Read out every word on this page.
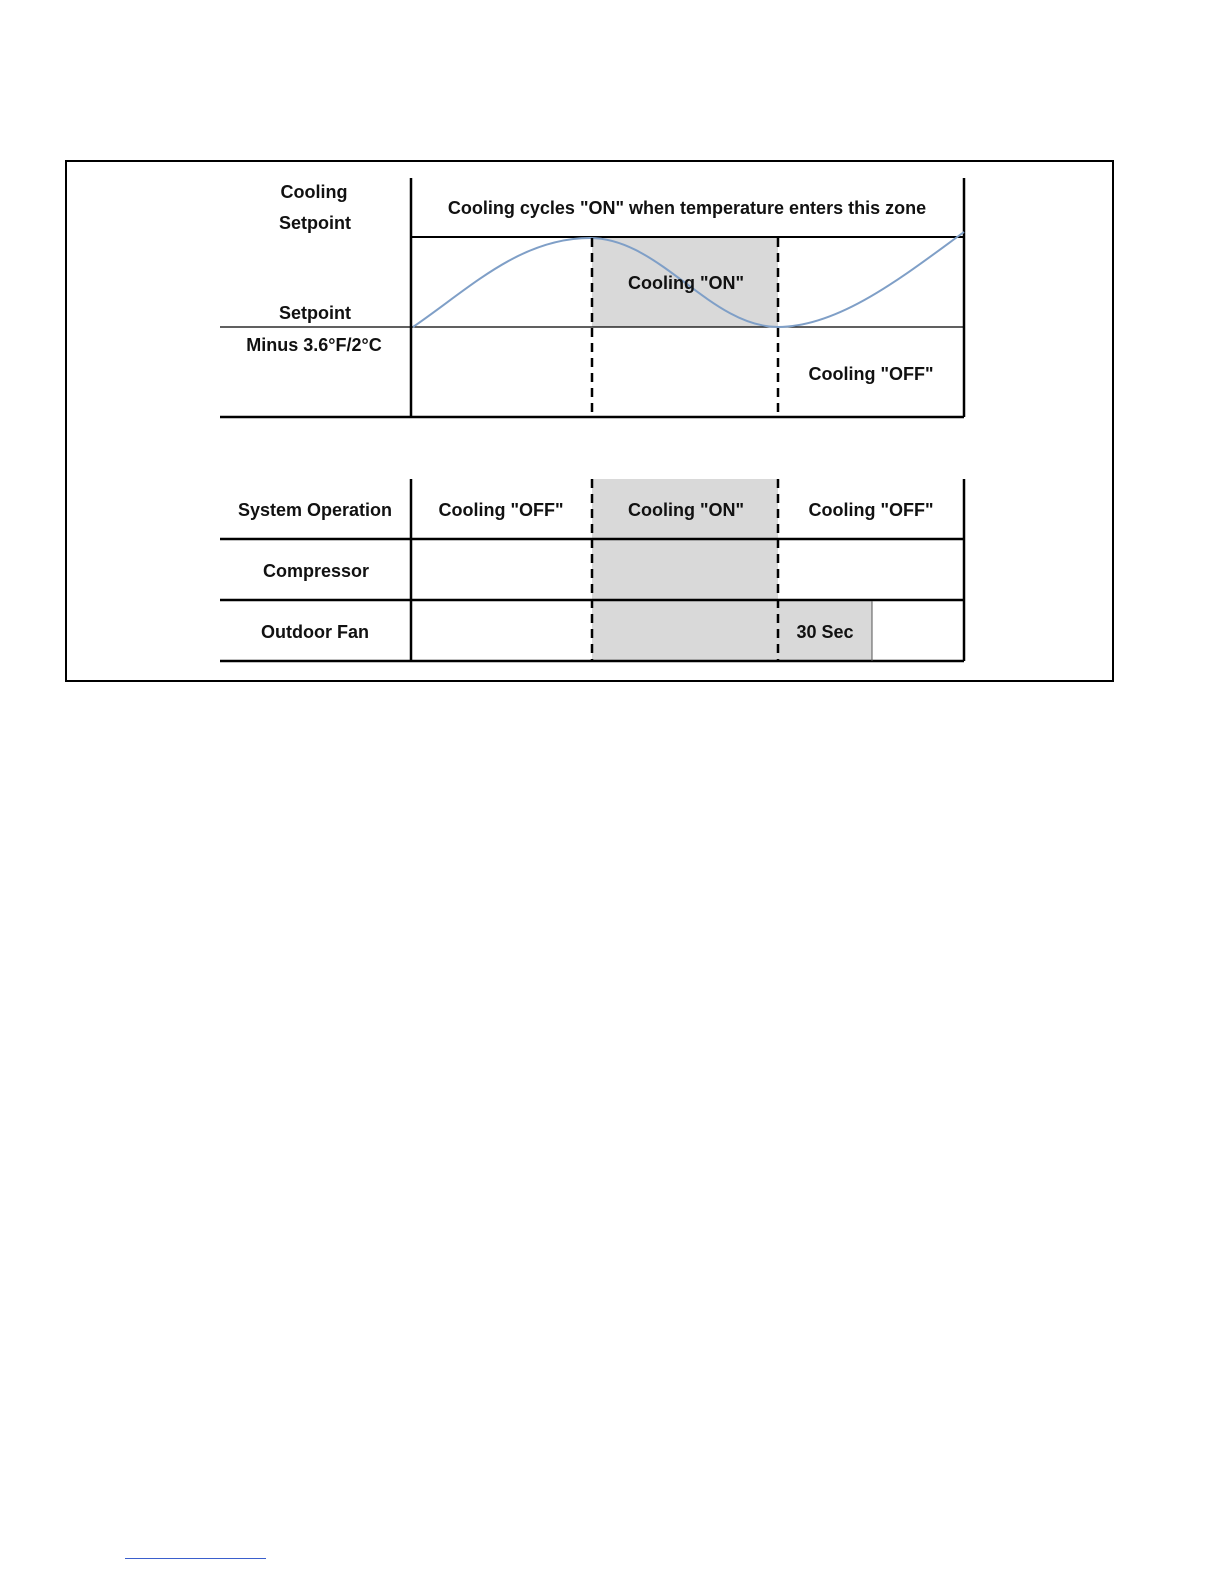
Cooling
Setpoint
Setpoint
Minus 3.6°F/2°C
Cooling cycles "ON" when temperature enters this zone
Cooling "ON"
Cooling "OFF"
System Operation
Compressor
Outdoor Fan
Cooling "OFF"	Cooling "ON"	Cooling "OFF"
30 Sec
